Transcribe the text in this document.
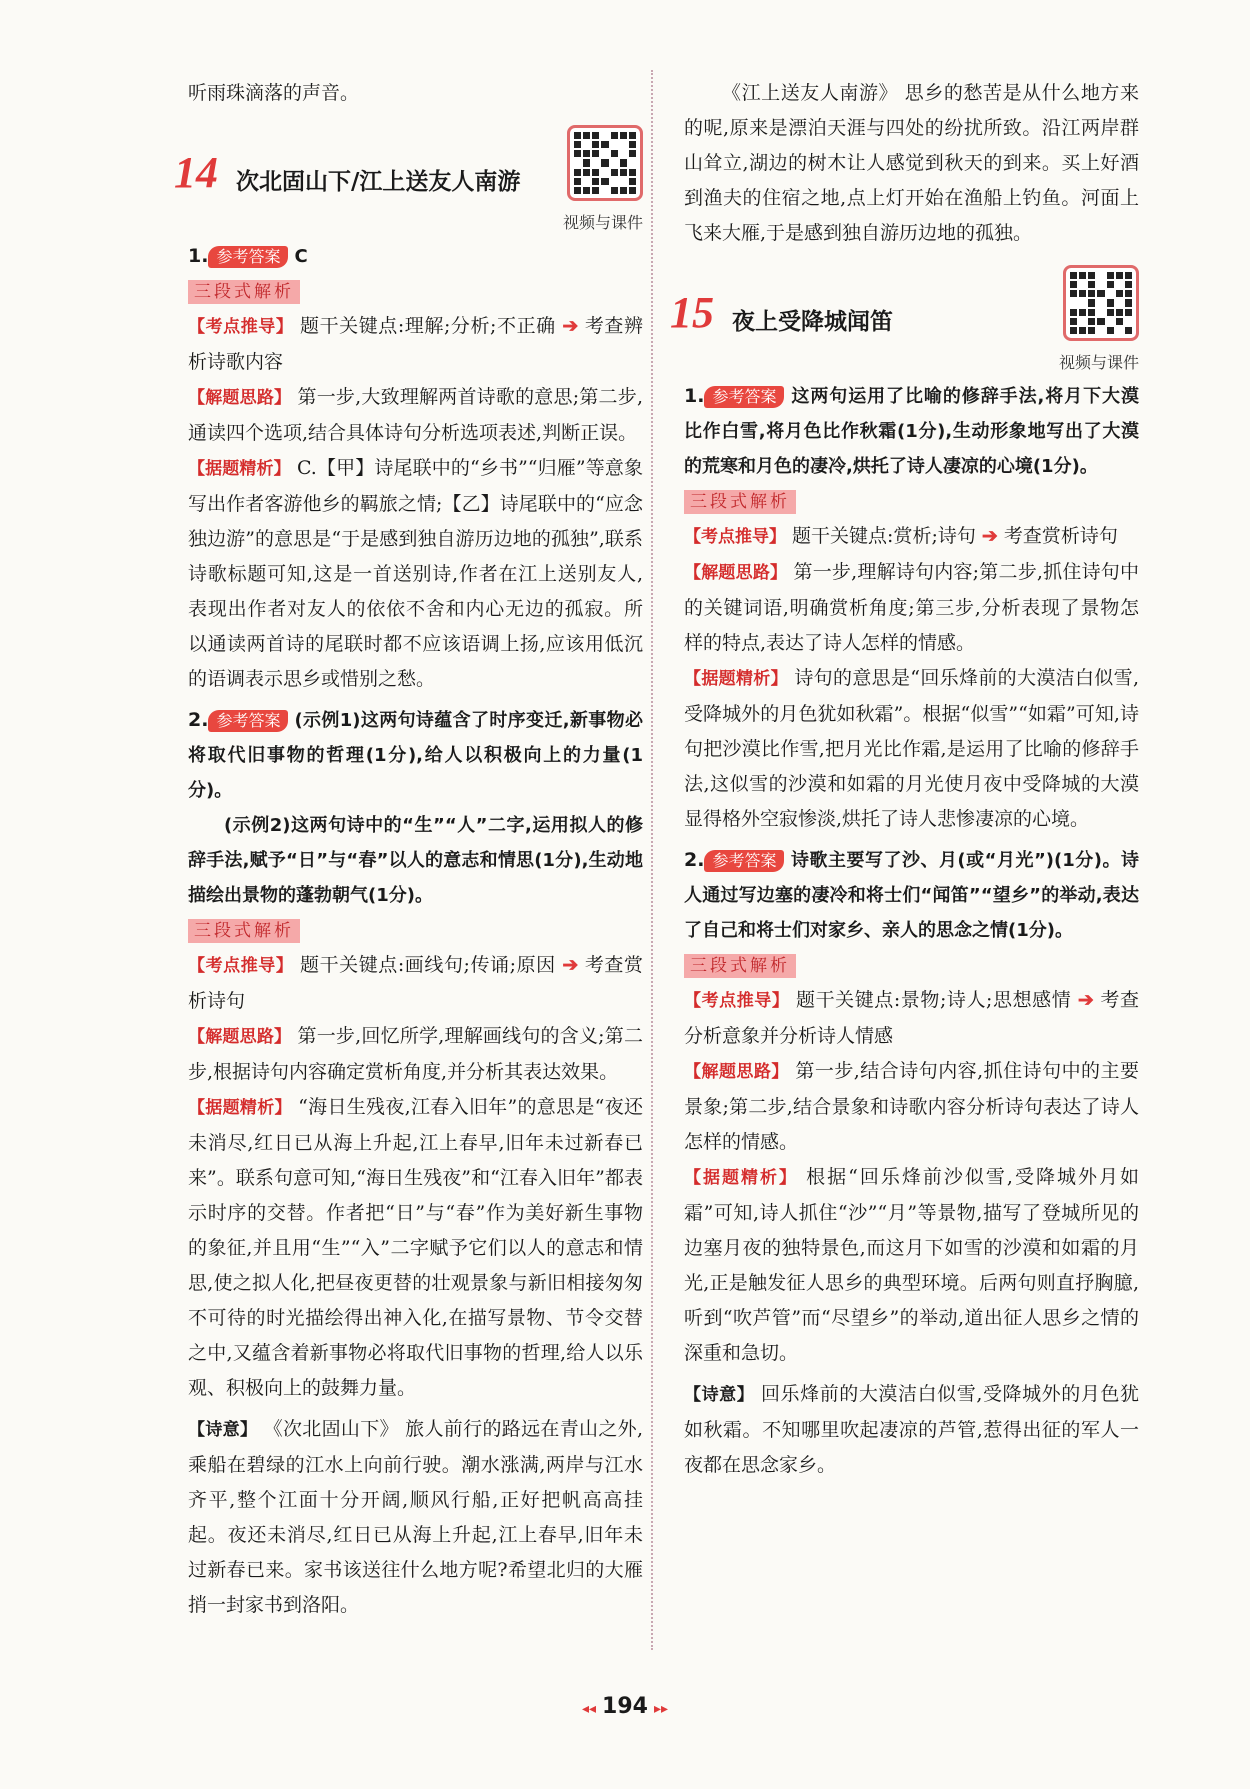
听雨珠滴落的声音。

14 次北固山下/江上送友人南游
视频与课件

1. 参考答案 C

三段式解析

【考点推导】 题干关键点:理解;分析;不正确 ➔ 考查辨析诗歌内容

【解题思路】 第一步,大致理解两首诗歌的意思;第二步,通读四个选项,结合具体诗句分析选项表述,判断正误。

【据题精析】 C.【甲】诗尾联中的“乡书”“归雁”等意象写出作者客游他乡的羁旅之情;【乙】诗尾联中的“应念独边游”的意思是“于是感到独自游历边地的孤独”,联系诗歌标题可知,这是一首送别诗,作者在江上送别友人,表现出作者对友人的依依不舍和内心无边的孤寂。所以通读两首诗的尾联时都不应该语调上扬,应该用低沉的语调表示思乡或惜别之愁。

2. 参考答案 (示例1)这两句诗蕴含了时序变迁,新事物必将取代旧事物的哲理(1分),给人以积极向上的力量(1分)。

(示例2)这两句诗中的“生”“人”二字,运用拟人的修辞手法,赋予“日”与“春”以人的意志和情思(1分),生动地描绘出景物的蓬勃朝气(1分)。

三段式解析

【考点推导】 题干关键点:画线句;传诵;原因 ➔ 考查赏析诗句

【解题思路】 第一步,回忆所学,理解画线句的含义;第二步,根据诗句内容确定赏析角度,并分析其表达效果。

【据题精析】 “海日生残夜,江春入旧年”的意思是“夜还未消尽,红日已从海上升起,江上春早,旧年未过新春已来”。联系句意可知,“海日生残夜”和“江春入旧年”都表示时序的交替。作者把“日”与“春”作为美好新生事物的象征,并且用“生”“入”二字赋予它们以人的意志和情思,使之拟人化,把昼夜更替的壮观景象与新旧相接匆匆不可待的时光描绘得出神入化,在描写景物、节令交替之中,又蕴含着新事物必将取代旧事物的哲理,给人以乐观、积极向上的鼓舞力量。

【诗意】 《次北固山下》 旅人前行的路远在青山之外,乘船在碧绿的江水上向前行驶。潮水涨满,两岸与江水齐平,整个江面十分开阔,顺风行船,正好把帆高高挂起。夜还未消尽,红日已从海上升起,江上春早,旧年未过新春已来。家书该送往什么地方呢?希望北归的大雁捎一封家书到洛阳。

《江上送友人南游》 思乡的愁苦是从什么地方来的呢,原来是漂泊天涯与四处的纷扰所致。沿江两岸群山耸立,湖边的树木让人感觉到秋天的到来。买上好酒到渔夫的住宿之地,点上灯开始在渔船上钓鱼。河面上飞来大雁,于是感到独自游历边地的孤独。

15 夜上受降城闻笛
视频与课件

1. 参考答案 这两句运用了比喻的修辞手法,将月下大漠比作白雪,将月色比作秋霜(1分),生动形象地写出了大漠的荒寒和月色的凄冷,烘托了诗人凄凉的心境(1分)。

三段式解析

【考点推导】 题干关键点:赏析;诗句 ➔ 考查赏析诗句

【解题思路】 第一步,理解诗句内容;第二步,抓住诗句中的关键词语,明确赏析角度;第三步,分析表现了景物怎样的特点,表达了诗人怎样的情感。

【据题精析】 诗句的意思是“回乐烽前的大漠洁白似雪,受降城外的月色犹如秋霜”。根据“似雪”“如霜”可知,诗句把沙漠比作雪,把月光比作霜,是运用了比喻的修辞手法,这似雪的沙漠和如霜的月光使月夜中受降城的大漠显得格外空寂惨淡,烘托了诗人悲惨凄凉的心境。

2. 参考答案 诗歌主要写了沙、月(或“月光”)(1分)。诗人通过写边塞的凄冷和将士们“闻笛”“望乡”的举动,表达了自己和将士们对家乡、亲人的思念之情(1分)。

三段式解析

【考点推导】 题干关键点:景物;诗人;思想感情 ➔ 考查分析意象并分析诗人情感

【解题思路】 第一步,结合诗句内容,抓住诗句中的主要景象;第二步,结合景象和诗歌内容分析诗句表达了诗人怎样的情感。

【据题精析】 根据“回乐烽前沙似雪,受降城外月如霜”可知,诗人抓住“沙”“月”等景物,描写了登城所见的边塞月夜的独特景色,而这月下如雪的沙漠和如霜的月光,正是触发征人思乡的典型环境。后两句则直抒胸臆,听到“吹芦管”而“尽望乡”的举动,道出征人思乡之情的深重和急切。

【诗意】 回乐烽前的大漠洁白似雪,受降城外的月色犹如秋霜。不知哪里吹起凄凉的芦管,惹得出征的军人一夜都在思念家乡。

◂◂ 194 ▸▸
